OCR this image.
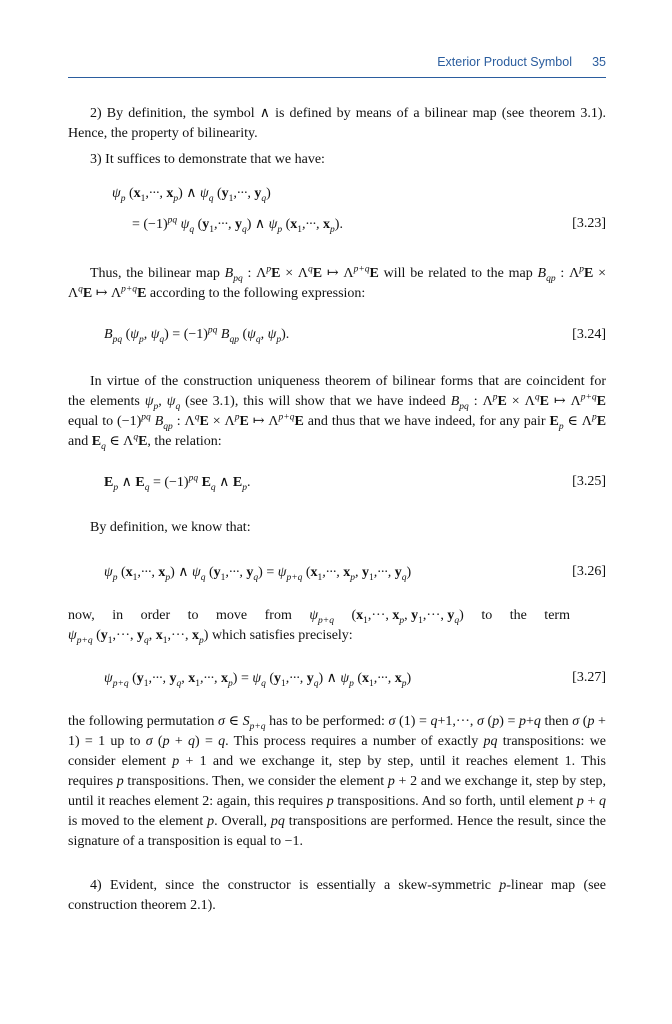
Exterior Product Symbol 35

2) By definition, the symbol ∧ is defined by means of a bilinear map (see theorem 3.1). Hence, the property of bilinearity.

3) It suffices to demonstrate that we have:

$\psi_p$ ($x_1,\cdot\cdot\cdot$, $x_p$) ∧ $\psi_q$ ($y_1,\cdot\cdot\cdot$, $y_q$)
= $(-1)^{pq}$ $\psi_q$ ($y_1,\cdot\cdot\cdot$, $y_q$) ∧ $\psi_p$ ($x_1,\cdot\cdot\cdot$, $x_p$).	[3.23]

Thus, the bilinear map $B_{pq}$ : $\Lambda^pE \times \Lambda^qE$ ↦ $\Lambda^{p+q}E$ will be related to the map $B_{qp}$ : $\Lambda^pE \times \Lambda^qE$ ↦ $\Lambda^{p+q}E$ according to the following expression:

$B_{pq}$ ($\psi_p$, $\psi_q) = (-1)^{pq}$ $B_{qp}$ ($\psi_q$, $\psi_p$).	[3.24]

In virtue of the construction uniqueness theorem of bilinear forms that are coincident for the elements $\psi_p$, $\psi_q$ (see 3.1), this will show that we have indeed $B_{pq}$ : $\Lambda^pE \times \Lambda^qE$ ↦ $\Lambda^{p+q}E$ equal to $(-1)^{pq}$ $B_{qp}$ : $\Lambda^qE \times \Lambda^pE$ ↦ $\Lambda^{p+q}E$ and thus that we have indeed, for any pair $E_p$ ∈ $\Lambda^pE$ and $E_q$ ∈ $\Lambda^qE$, the relation:

$E_p$ ∧ $E_q = (-1)^{pq}$ $E_q$ ∧ $E_p$.	[3.25]

By definition, we know that:

$\psi_p$ ($x_1,\cdot\cdot\cdot$, $x_p$) ∧ $\psi_q$ ($y_1,\cdot\cdot\cdot$, $y_q) = \psi_{p+q}$ ($x_1,\cdot\cdot\cdot$, $x_p$, $y_1,\cdot\cdot\cdot$, $y_q$)	[3.26]

now, in order to move from $\psi_{p+q}$ ($x_1,\cdot\cdot\cdot$, $x_p$, $y_1,\cdot\cdot\cdot$, $y_q$) to the term

$\psi_{p+q}$ ($y_1,\cdot\cdot\cdot$, $y_q$, $x_1,\cdot\cdot\cdot$, $x_p$) which satisfies precisely:

$\psi_{p+q}$ ($y_1,\cdot\cdot\cdot$, $y_q$, $x_1,\cdot\cdot\cdot$, $x_p) = \psi_q$ ($y_1,\cdot\cdot\cdot$, $y_q$) ∧ $\psi_p$ ($x_1,\cdot\cdot\cdot$, $x_p$)	[3.27]

the following permutation σ ∈ $S_{p+q}$ has to be performed: σ (1) = q+1,···, σ (p) = p+q then σ (p + 1) = 1 up to σ (p + q) = q. This process requires a number of exactly pq transpositions: we consider element p + 1 and we exchange it, step by step, until it reaches element 1. This requires p transpositions. Then, we consider the element p + 2 and we exchange it, step by step, until it reaches element 2: again, this requires p transpositions. And so forth, until element p + q is moved to the element p. Overall, pq transpositions are performed. Hence the result, since the signature of a transposition is equal to −1.

4) Evident, since the constructor is essentially a skew-symmetric p-linear map (see construction theorem 2.1).
